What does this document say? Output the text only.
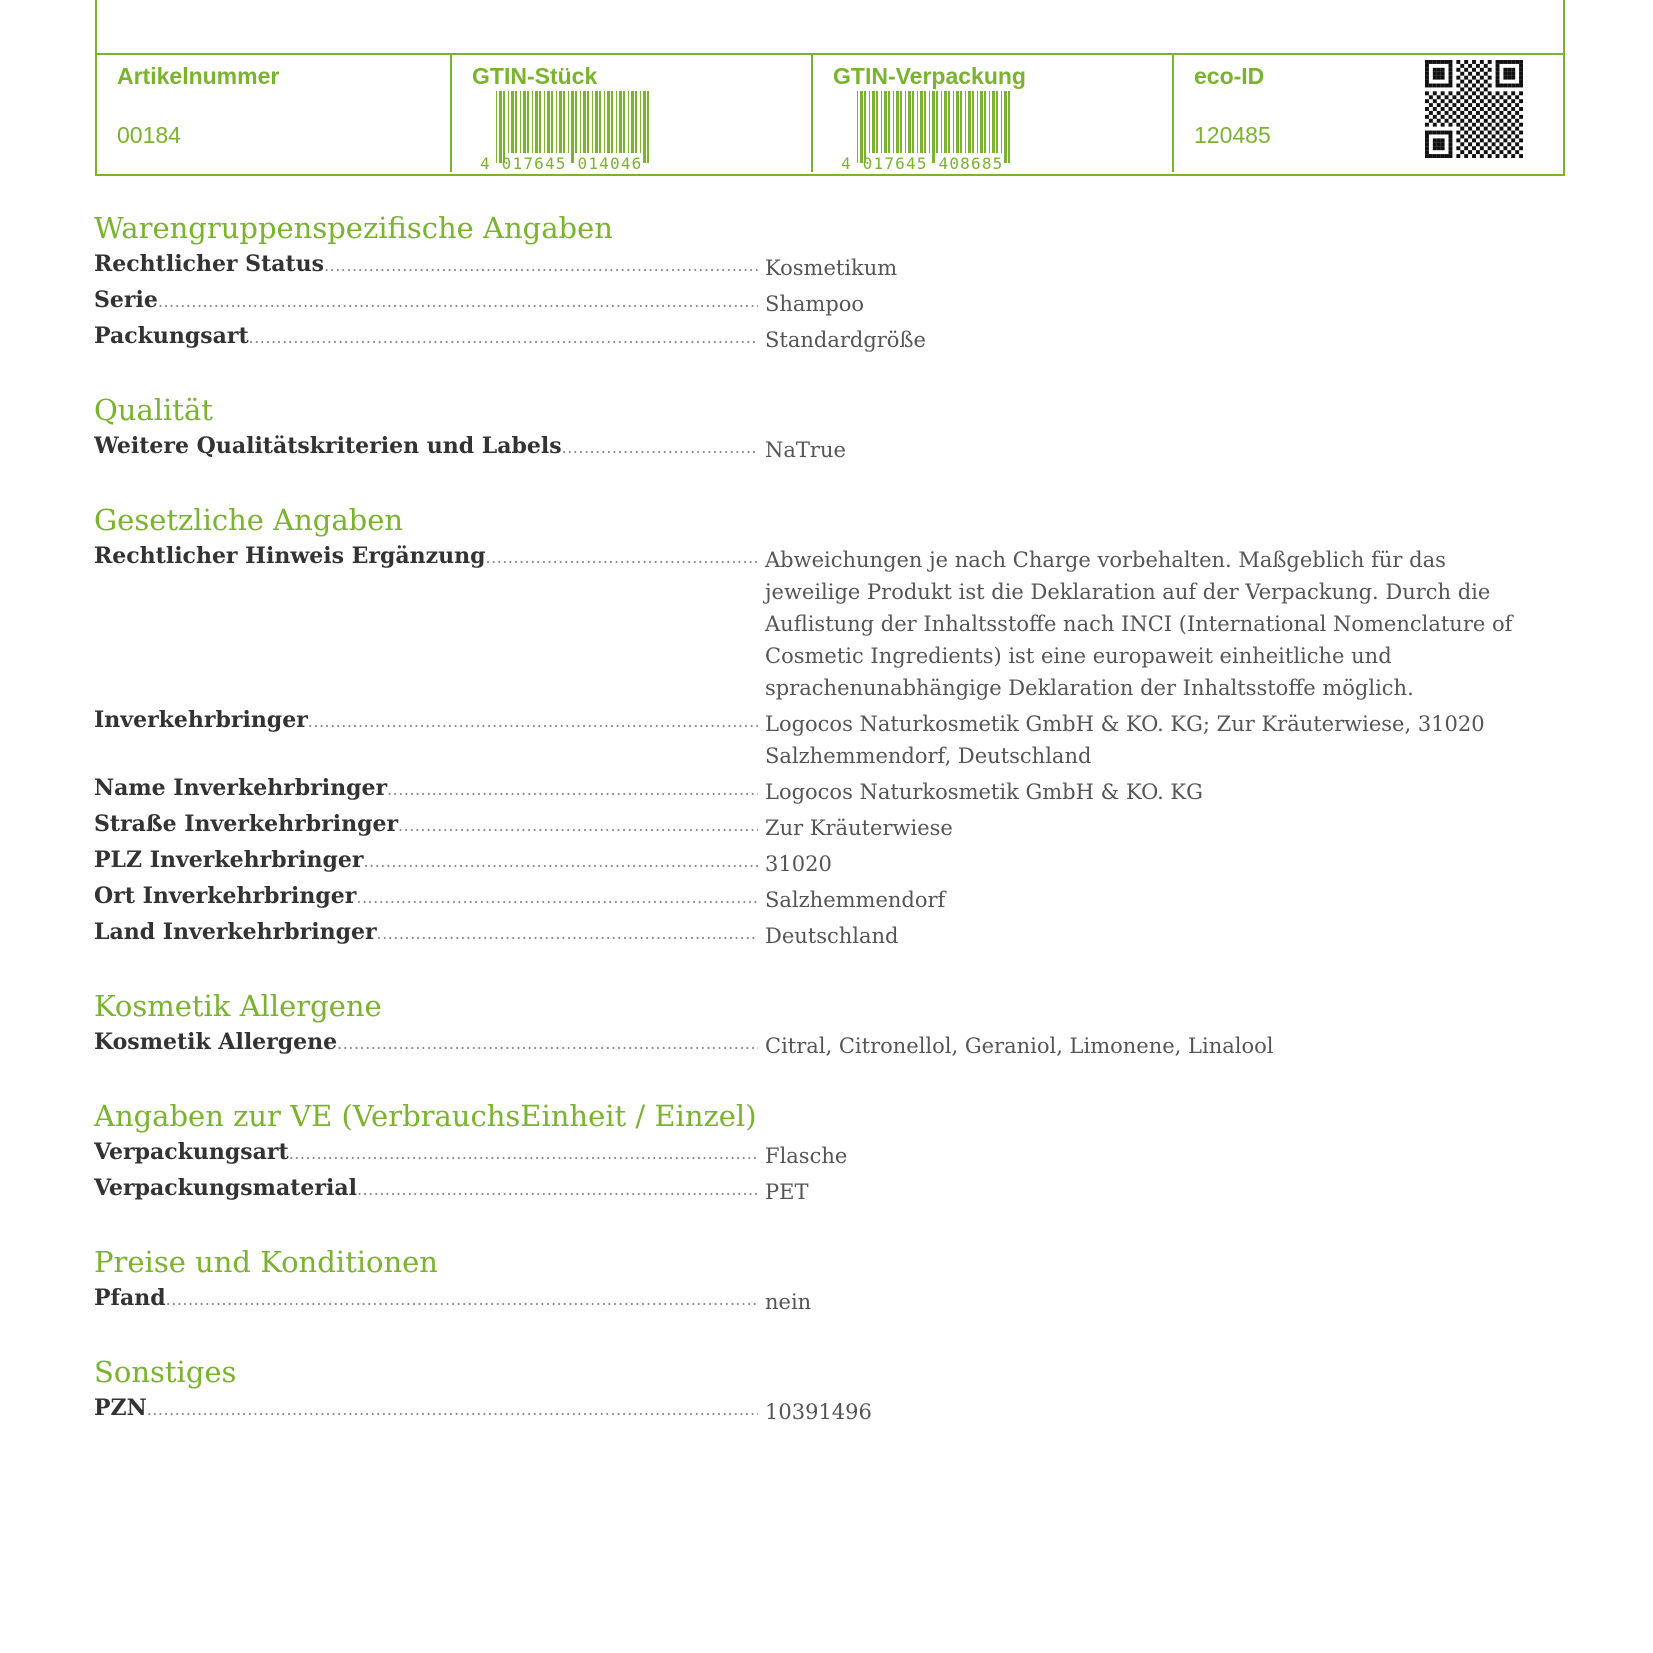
Artikelnummer
00184
GTIN-Stück
4 017645 014046
GTIN-Verpackung
4 017645 408685
eco-ID
120485
Warengruppenspezifische Angaben
Rechtlicher Status .....	Kosmetikum
Serie .....	Shampoo
Packungsart .....	Standardgröße
Qualität
Weitere Qualitätskriterien und Labels .....	NaTrue
Gesetzliche Angaben
Rechtlicher Hinweis Ergänzung .....	Abweichungen je nach Charge vorbehalten. Maßgeblich für das jeweilige Produkt ist die Deklaration auf der Verpackung. Durch die Auflistung der Inhaltsstoffe nach INCI (International Nomenclature of Cosmetic Ingredients) ist eine europaweit einheitliche und sprachenunabhängige Deklaration der Inhaltsstoffe möglich.
Inverkehrbringer .....	Logocos Naturkosmetik GmbH & KO. KG; Zur Kräuterwiese, 31020 Salzhemmendorf, Deutschland
Name Inverkehrbringer .....	Logocos Naturkosmetik GmbH & KO. KG
Straße Inverkehrbringer .....	Zur Kräuterwiese
PLZ Inverkehrbringer .....	31020
Ort Inverkehrbringer .....	Salzhemmendorf
Land Inverkehrbringer .....	Deutschland
Kosmetik Allergene
Kosmetik Allergene .....	Citral, Citronellol, Geraniol, Limonene, Linalool
Angaben zur VE (VerbrauchsEinheit / Einzel)
Verpackungsart .....	Flasche
Verpackungsmaterial .....	PET
Preise und Konditionen
Pfand .....	nein
Sonstiges
PZN .....	10391496
